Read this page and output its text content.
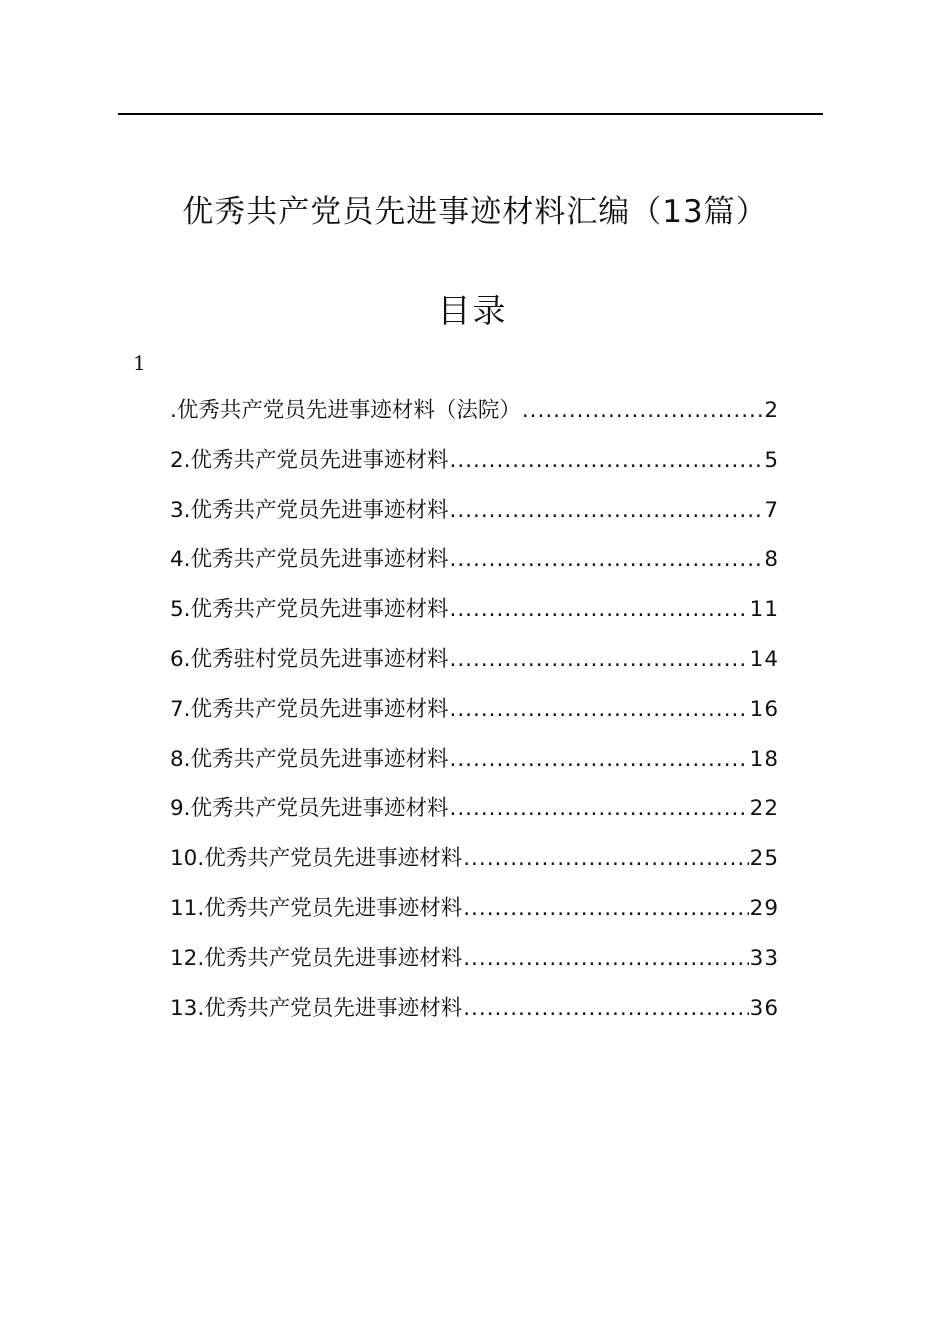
优秀共产党员先进事迹材料汇编（13篇）
目录
1
.优秀共产党员先进事迹材料（法院） .....	2
2.优秀共产党员先进事迹材料 .....	5
3.优秀共产党员先进事迹材料 .....	7
4.优秀共产党员先进事迹材料 .....	8
5.优秀共产党员先进事迹材料 .....	11
6.优秀驻村党员先进事迹材料 .....	14
7.优秀共产党员先进事迹材料 .....	16
8.优秀共产党员先进事迹材料 .....	18
9.优秀共产党员先进事迹材料 .....	22
10.优秀共产党员先进事迹材料 .....	25
11.优秀共产党员先进事迹材料 .....	29
12.优秀共产党员先进事迹材料 .....	33
13.优秀共产党员先进事迹材料 .....	36
